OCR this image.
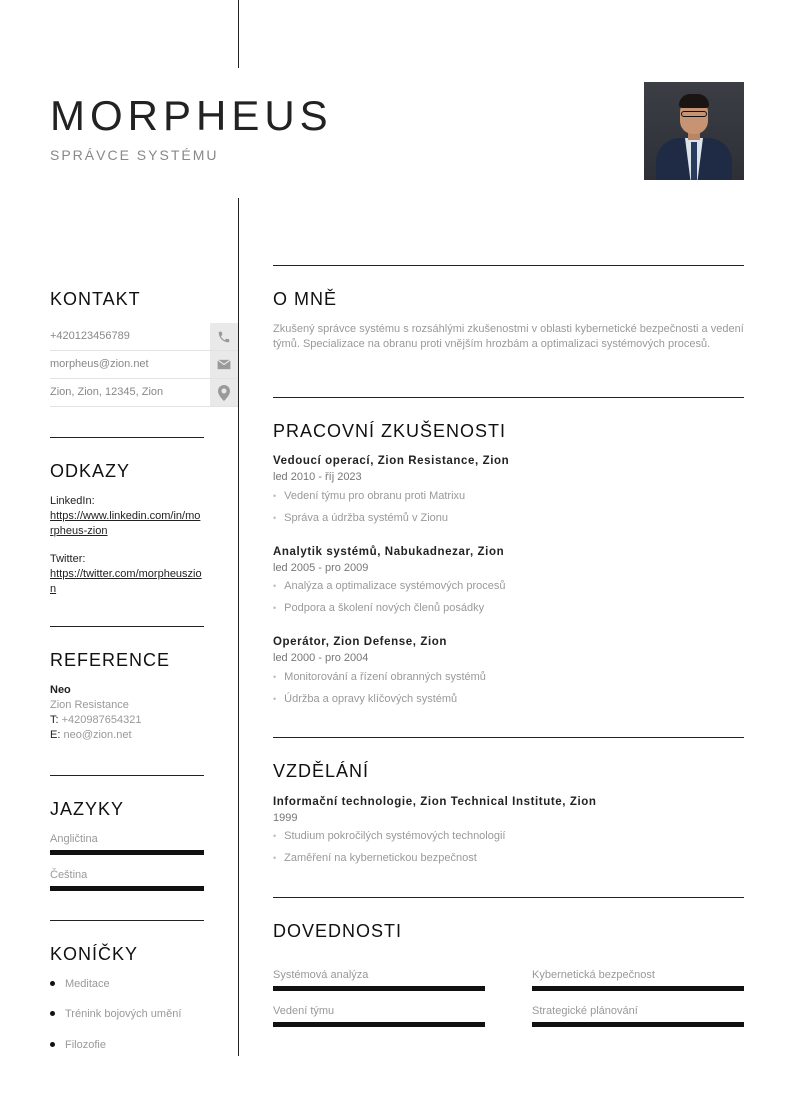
MORPHEUS
SPRÁVCE SYSTÉMU
KONTAKT
+420123456789
morpheus@zion.net
Zion, Zion, 12345, Zion
ODKAZY
LinkedIn:
https://www.linkedin.com/in/morpheus-zion
Twitter:
https://twitter.com/morpheuszion
REFERENCE
Neo
Zion Resistance
T: +420987654321
E: neo@zion.net
JAZYKY
Angličtina
Čeština
KONÍČKY
Meditace
Trénink bojových umění
Filozofie
O MNĚ
Zkušený správce systému s rozsáhlými zkušenostmi v oblasti kybernetické bezpečnosti a vedení týmů. Specializace na obranu proti vnějším hrozbám a optimalizaci systémových procesů.
PRACOVNÍ ZKUŠENOSTI
Vedoucí operací, Zion Resistance, Zion
led 2010 - říj 2023
• Vedení týmu pro obranu proti Matrixu
• Správa a údržba systémů v Zionu
Analytik systémů, Nabukadnezar, Zion
led 2005 - pro 2009
• Analýza a optimalizace systémových procesů
• Podpora a školení nových členů posádky
Operátor, Zion Defense, Zion
led 2000 - pro 2004
• Monitorování a řízení obranných systémů
• Údržba a opravy klíčových systémů
VZDĚLÁNÍ
Informační technologie, Zion Technical Institute, Zion
1999
• Studium pokročilých systémových technologií
• Zaměření na kybernetickou bezpečnost
DOVEDNOSTI
Systémová analýza	Kybernetická bezpečnost
Vedení týmu	Strategické plánování
